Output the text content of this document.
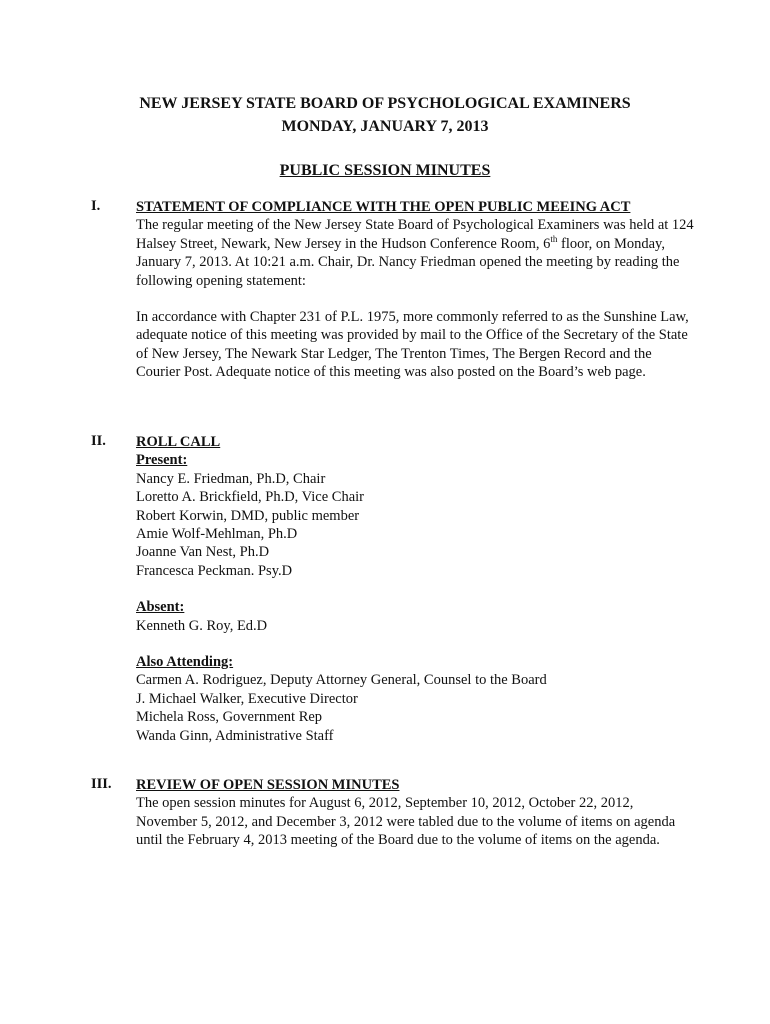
NEW JERSEY STATE BOARD OF PSYCHOLOGICAL EXAMINERS
MONDAY, JANUARY 7, 2013
PUBLIC SESSION MINUTES
I. STATEMENT OF COMPLIANCE WITH THE OPEN PUBLIC MEEING ACT

The regular meeting of the New Jersey State Board of Psychological Examiners was held at 124 Halsey Street, Newark, New Jersey in the Hudson Conference Room, 6th floor, on Monday, January 7, 2013. At 10:21 a.m. Chair, Dr. Nancy Friedman opened the meeting by reading the following opening statement:

In accordance with Chapter 231 of P.L. 1975, more commonly referred to as the Sunshine Law, adequate notice of this meeting was provided by mail to the Office of the Secretary of the State of New Jersey, The Newark Star Ledger, The Trenton Times, The Bergen Record and the Courier Post. Adequate notice of this meeting was also posted on the Board’s web page.

II. ROLL CALL

Present:

Nancy E. Friedman, Ph.D, Chair

Loretto A. Brickfield, Ph.D, Vice Chair

Robert Korwin, DMD, public member

Amie Wolf-Mehlman, Ph.D

Joanne Van Nest, Ph.D

Francesca Peckman. Psy.D

Absent:

Kenneth G. Roy, Ed.D

Also Attending:

Carmen A. Rodriguez, Deputy Attorney General, Counsel to the Board

J. Michael Walker, Executive Director

Michela Ross, Government Rep

Wanda Ginn, Administrative Staff

III. REVIEW OF OPEN SESSION MINUTES

The open session minutes for August 6, 2012, September 10, 2012, October 22, 2012, November 5, 2012, and December 3, 2012 were tabled due to the volume of items on agenda until the February 4, 2013 meeting of the Board due to the volume of items on the agenda.
